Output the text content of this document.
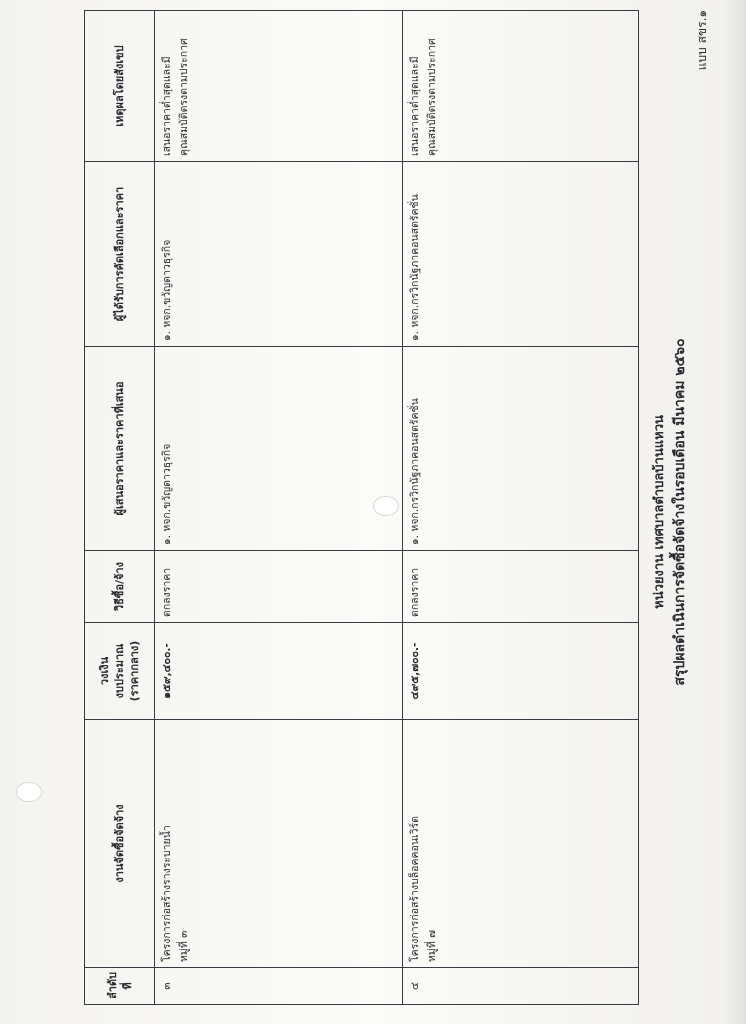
แบบ สขร.๑
สรุปผลดำเนินการจัดซื้อจัดจ้างในรอบเดือน มีนาคม ๒๕๖๐
หน่วยงาน เทศบาลตำบลบ้านแหวน
ลำดับ ที่	งานจัดซื้อจัดจ้าง	วงเงิน งบประมาณ (ราคากลาง)	วิธีซื้อ/จ้าง	ผู้เสนอราคาและราคาที่เสนอ	ผู้ได้รับการคัดเลือกและราคา	เหตุผลโดยสังเขป
๓	โครงการก่อสร้างรางระบายน้ำ หมู่ที่ ๓	๑๕๙,๔๐๐.-	ตกลงราคา	๑. หจก.ขวัญดาวธุรกิจ	๑. หจก.ขวัญดาวธุรกิจ	เสนอราคาต่ำสุดและมี คุณสมบัติตรงตามประกาศ

๔	โครงการก่อสร้างบล็อคคอนเวิร์ต หมู่ที่ ๗	๔๙๕,๗๐๐.-	ตกลงราคา	๑. หจก.กรวิกนัฐภาคอนสตรัคชั่น	๑. หจก.กรวิกนัฐภาคอนสตรัคชั่น	เสนอราคาต่ำสุดและมี คุณสมบัติตรงตามประกาศ
